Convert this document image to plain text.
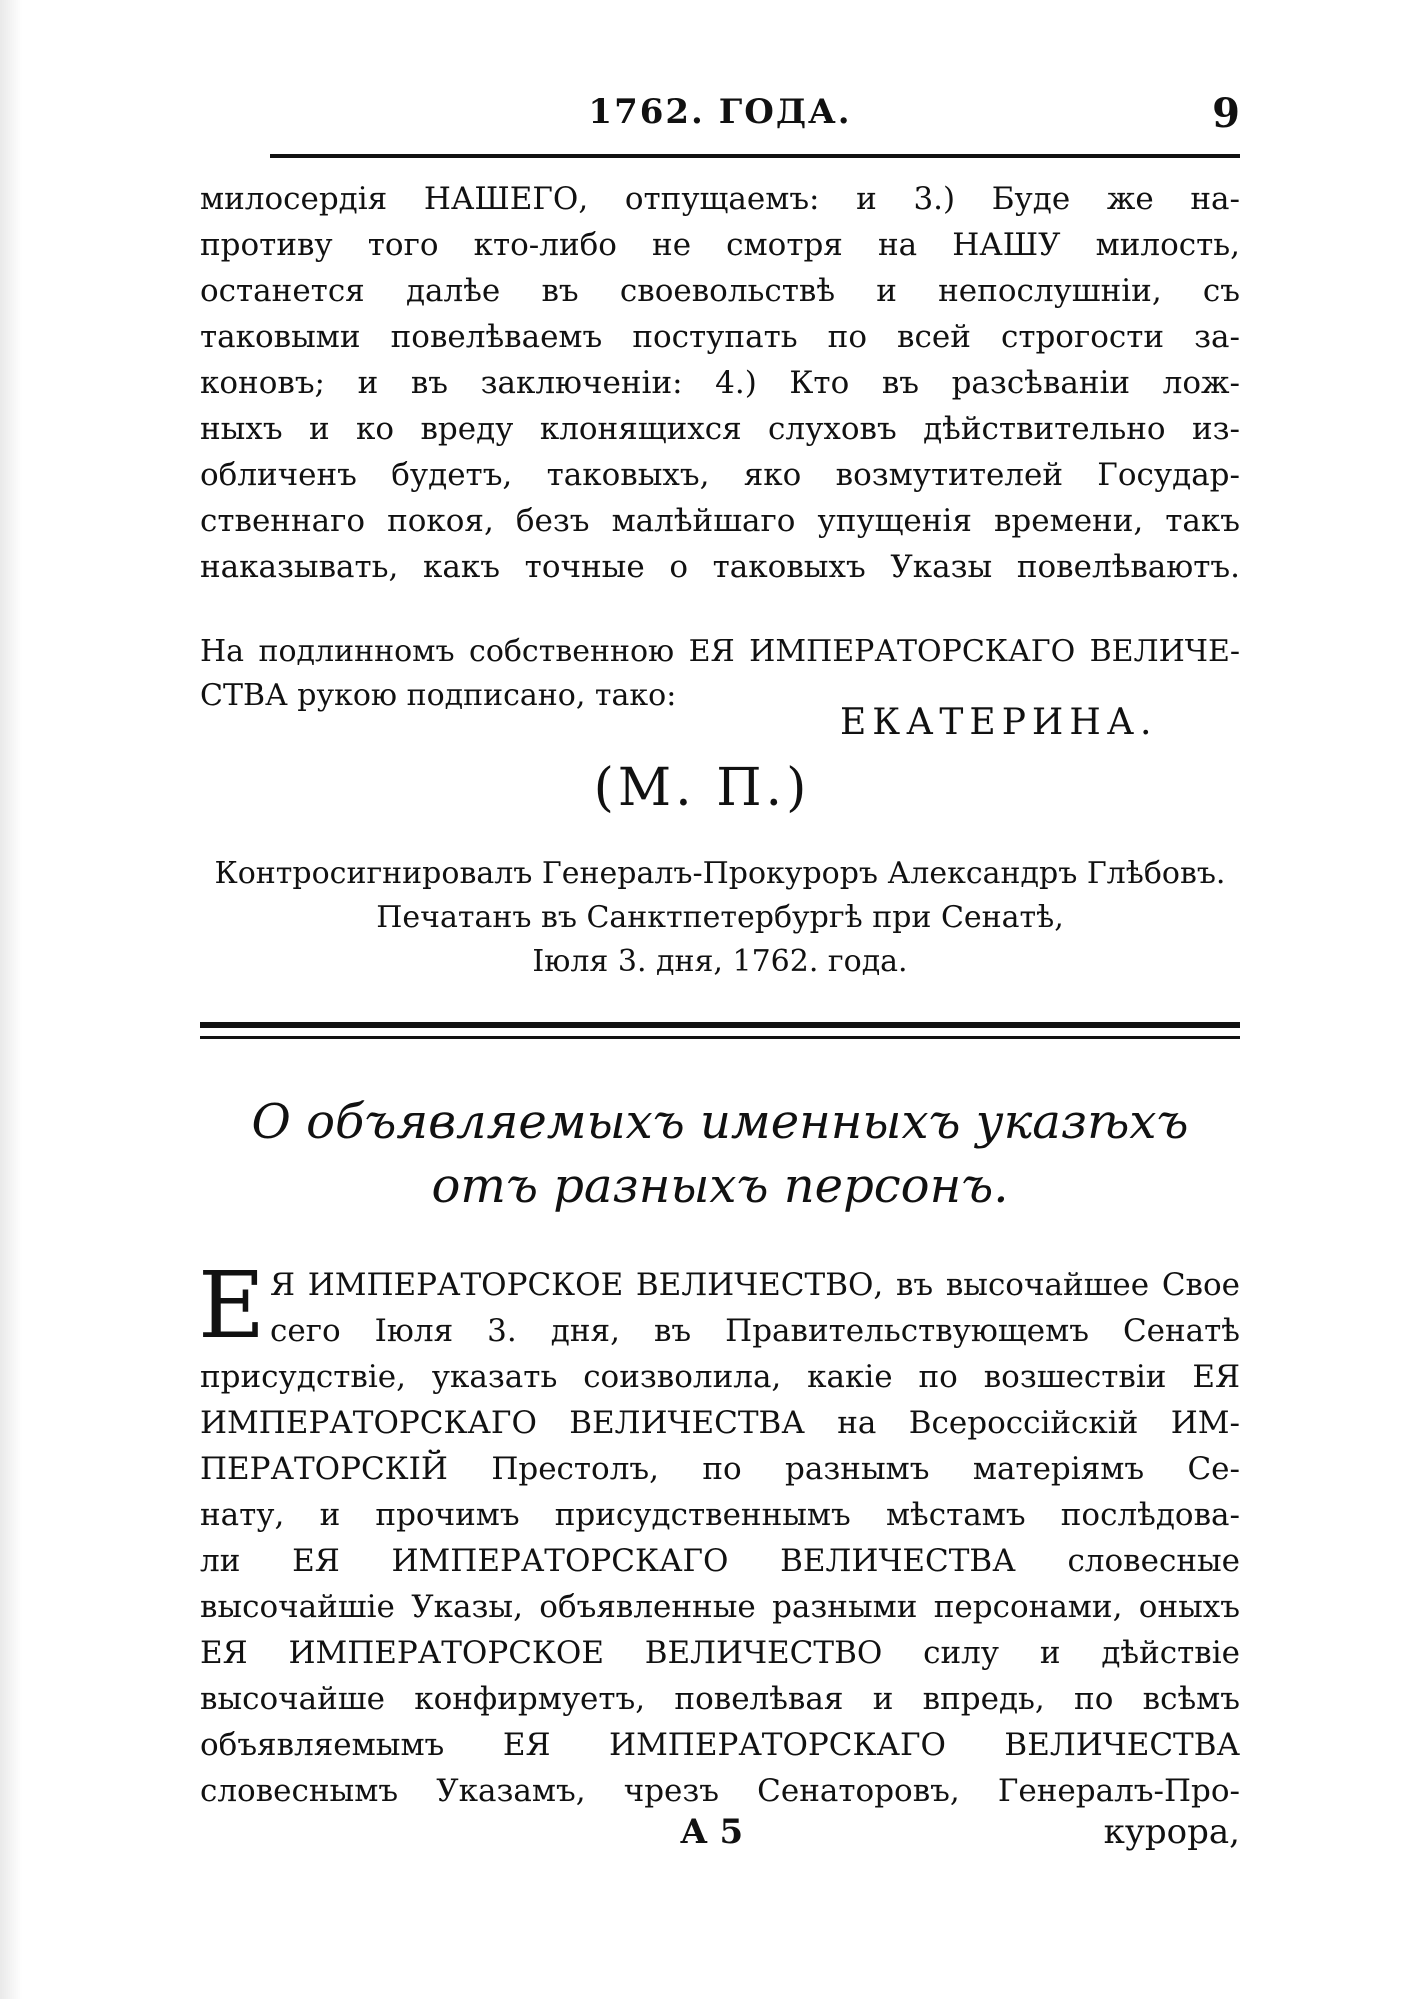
1762. ГОДА.	9
милосердія НАШЕГО, отпущаемъ: и 3.) Буде же на-
противу того кто-либо не смотря на НАШУ милость,
останется далѣе въ своевольствѣ и непослушніи, съ
таковыми повелѣваемъ поступать по всей строгости за-
коновъ; и въ заключеніи: 4.) Кто въ разсѣваніи лож-
ныхъ и ко вреду клонящихся слуховъ дѣйствительно из-
обличенъ будетъ, таковыхъ, яко возмутителей Государ-
ственнаго покоя, безъ малѣйшаго упущенія времени, такъ
наказывать, какъ точные о таковыхъ Указы повелѣваютъ.
На подлинномъ собственною ЕЯ ИМПЕРАТОРСКАГО ВЕЛИЧЕ-
СТВА рукою подписано, тако:
ЕКАТЕРИНА.
(М. П.)
Контросигнировалъ Генералъ-Прокуроръ Александръ Глѣбовъ.
Печатанъ въ Санктпетербургѣ при Сенатѣ,
Іюля 3. дня, 1762. года.
О объявляемыхъ именныхъ указѣхъ
отъ разныхъ персонъ.
Е Я ИМПЕРАТОРСКОЕ ВЕЛИЧЕСТВО, въ высочайшее Свое
сего Іюля 3. дня, въ Правительствующемъ Сенатѣ
присудствіе, указать соизволила, какіе по возшествіи ЕЯ
ИМПЕРАТОРСКАГО ВЕЛИЧЕСТВА на Всероссійскій ИМ-
ПЕРАТОРСКІЙ Престолъ, по разнымъ матеріямъ Се-
нату, и прочимъ присудственнымъ мѣстамъ послѣдова-
ли ЕЯ ИМПЕРАТОРСКАГО ВЕЛИЧЕСТВА словесные
высочайшіе Указы, объявленные разными персонами, оныхъ
ЕЯ ИМПЕРАТОРСКОЕ ВЕЛИЧЕСТВО силу и дѣйствіе
высочайше конфирмуетъ, повелѣвая и впредь, по всѣмъ
объявляемымъ ЕЯ ИМПЕРАТОРСКАГО ВЕЛИЧЕСТВА
словеснымъ Указамъ, чрезъ Сенаторовъ, Генералъ-Про-
А 5	курора,
